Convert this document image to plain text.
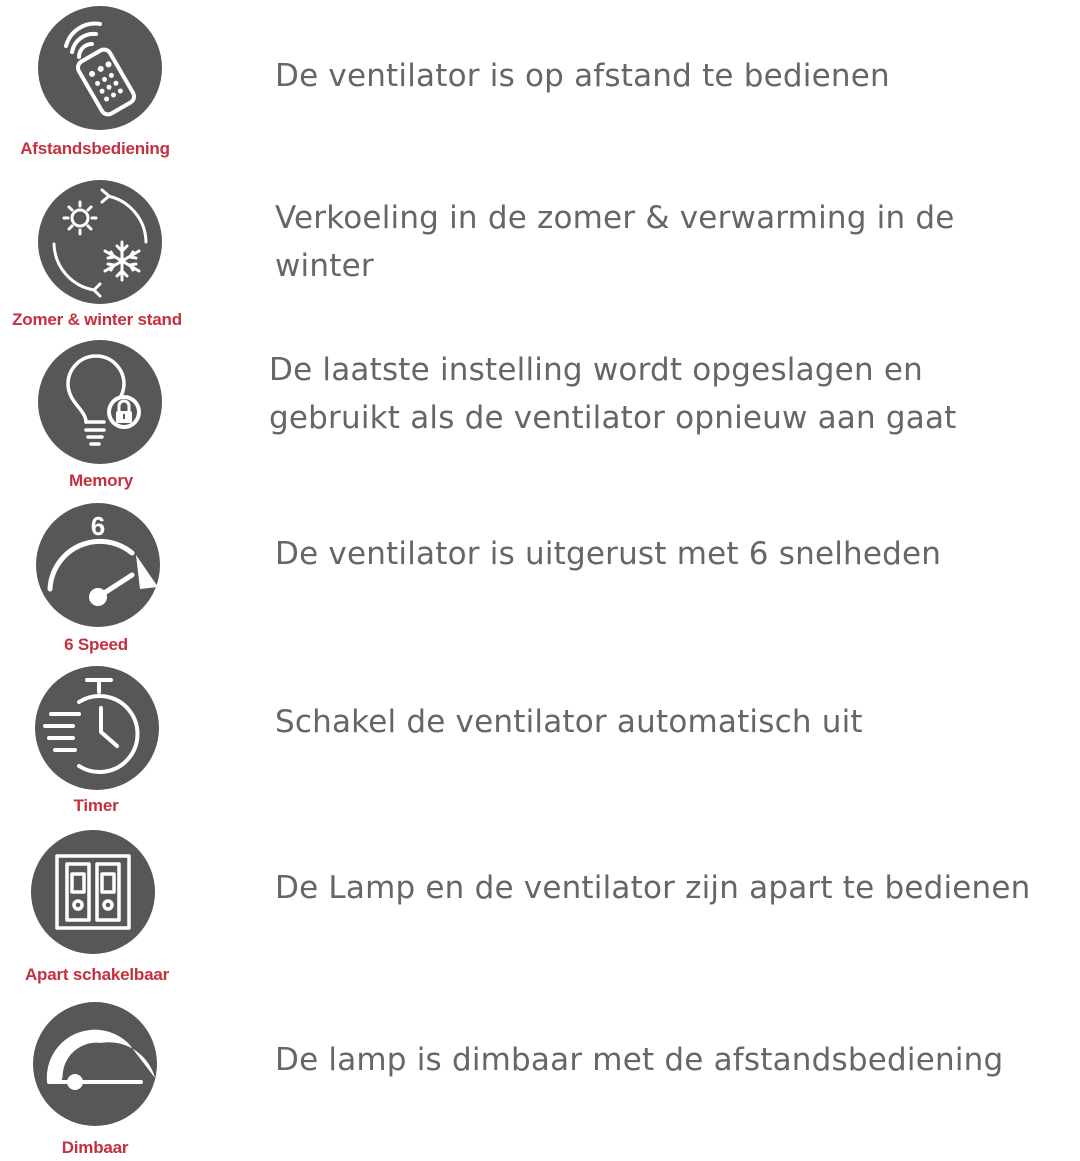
Afstandsbediening
De ventilator is op afstand te bedienen
Zomer & winter stand
Verkoeling in de zomer & verwarming in de
winter
Memory
De laatste instelling wordt opgeslagen en
gebruikt als de ventilator opnieuw aan gaat
6
6 Speed
De ventilator is uitgerust met 6 snelheden
Timer
Schakel de ventilator automatisch uit
Apart schakelbaar
De Lamp en de ventilator zijn apart te bedienen
Dimbaar
De lamp is dimbaar met de afstandsbediening
